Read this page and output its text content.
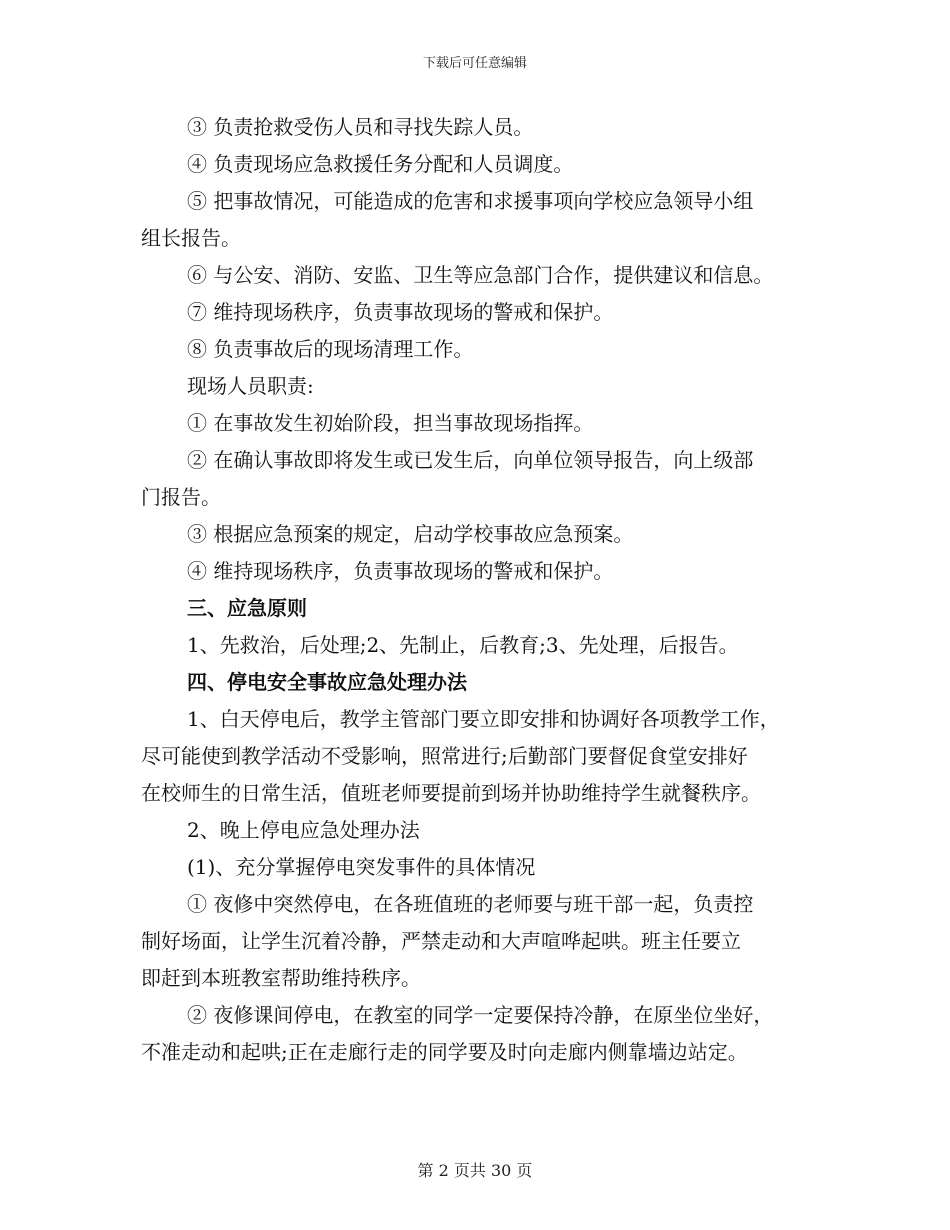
下载后可任意编辑
③ 负责抢救受伤人员和寻找失踪人员。
④ 负责现场应急救援任务分配和人员调度。
⑤ 把事故情况，可能造成的危害和求援事项向学校应急领导小组
组长报告。
⑥ 与公安、消防、安监、卫生等应急部门合作，提供建议和信息。
⑦ 维持现场秩序，负责事故现场的警戒和保护。
⑧ 负责事故后的现场清理工作。
现场人员职责:
① 在事故发生初始阶段，担当事故现场指挥。
② 在确认事故即将发生或已发生后，向单位领导报告，向上级部
门报告。
③ 根据应急预案的规定，启动学校事故应急预案。
④ 维持现场秩序，负责事故现场的警戒和保护。
三、应急原则
1、先救治，后处理;2、先制止，后教育;3、先处理，后报告。
四、停电安全事故应急处理办法
1、白天停电后，教学主管部门要立即安排和协调好各项教学工作，
尽可能使到教学活动不受影响，照常进行;后勤部门要督促食堂安排好
在校师生的日常生活，值班老师要提前到场并协助维持学生就餐秩序。
2、晚上停电应急处理办法
(1)、充分掌握停电突发事件的具体情况
① 夜修中突然停电，在各班值班的老师要与班干部一起，负责控
制好场面，让学生沉着冷静，严禁走动和大声喧哗起哄。班主任要立
即赶到本班教室帮助维持秩序。
② 夜修课间停电，在教室的同学一定要保持冷静，在原坐位坐好，
不准走动和起哄;正在走廊行走的同学要及时向走廊内侧靠墙边站定。
第 2 页共 30 页
